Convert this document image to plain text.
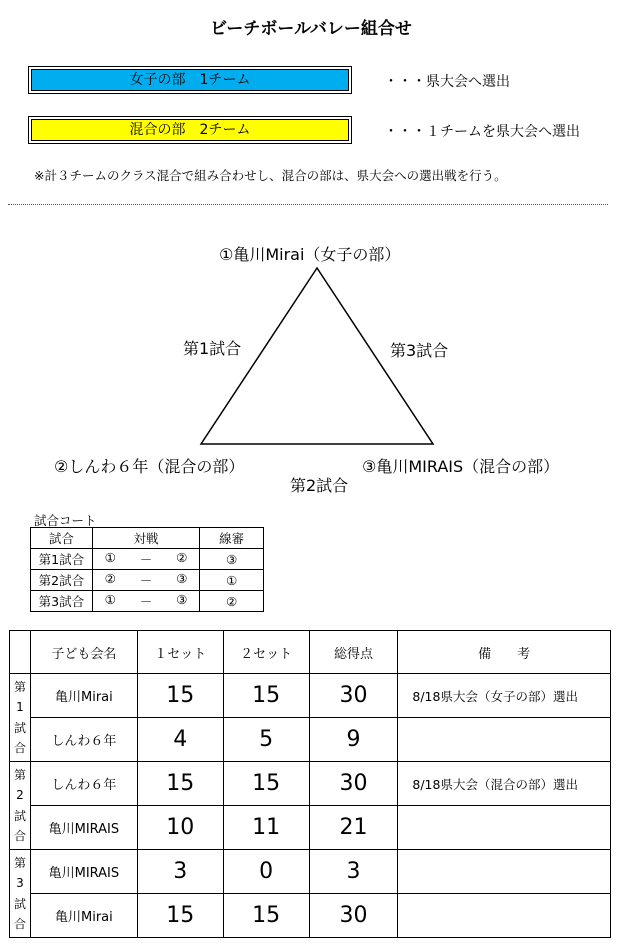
ビーチボールバレー組合せ
女子の部　1チーム	・・・県大会へ選出
混合の部　2チーム	・・・１チームを県大会へ選出
※計３チームのクラス混合で組み合わせし、混合の部は、県大会への選出戦を行う。
①亀川Mirai（女子の部）
第1試合	第3試合
②しんわ６年（混合の部）	③亀川MIRAIS（混合の部）
第2試合
試合コート
試合	対戦	線審
第1試合	① － ②	③
第2試合	② － ③	①
第3試合	① － ③	②
	子ども会名	１セット	２セット	総得点	備　　考

第
1
試
合	亀川Mirai	15	15	30	8/18県大会（女子の部）選出
	しんわ６年	4	5	9	

第
2
試
合	しんわ６年	15	15	30	8/18県大会（混合の部）選出
	亀川MIRAIS	10	11	21	

第
3
試
合	亀川MIRAIS	3	0	3	
	亀川Mirai	15	15	30	
